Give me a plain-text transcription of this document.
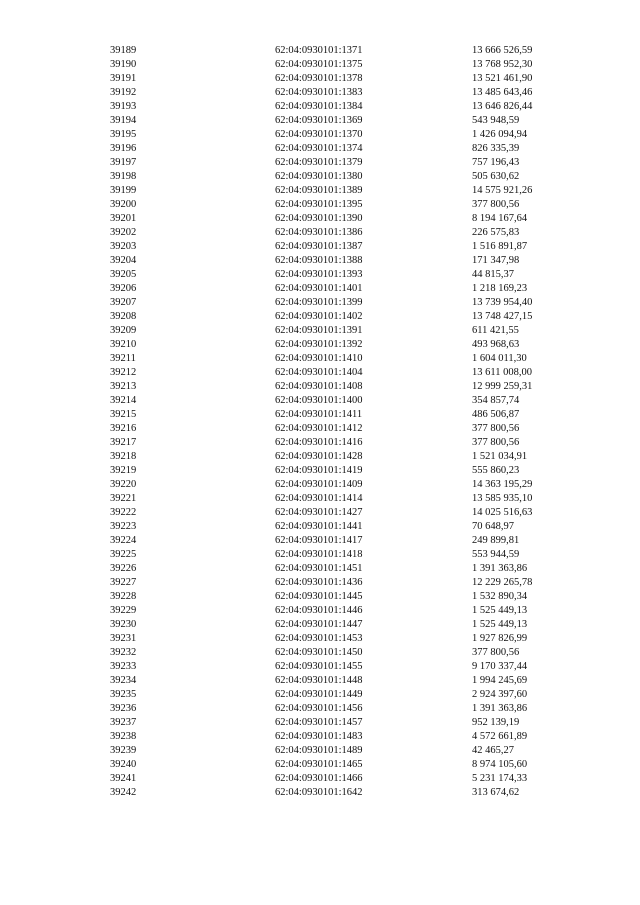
39189	62:04:0930101:1371	13 666 526,59
39190	62:04:0930101:1375	13 768 952,30
39191	62:04:0930101:1378	13 521 461,90
39192	62:04:0930101:1383	13 485 643,46
39193	62:04:0930101:1384	13 646 826,44
39194	62:04:0930101:1369	543 948,59
39195	62:04:0930101:1370	1 426 094,94
39196	62:04:0930101:1374	826 335,39
39197	62:04:0930101:1379	757 196,43
39198	62:04:0930101:1380	505 630,62
39199	62:04:0930101:1389	14 575 921,26
39200	62:04:0930101:1395	377 800,56
39201	62:04:0930101:1390	8 194 167,64
39202	62:04:0930101:1386	226 575,83
39203	62:04:0930101:1387	1 516 891,87
39204	62:04:0930101:1388	171 347,98
39205	62:04:0930101:1393	44 815,37
39206	62:04:0930101:1401	1 218 169,23
39207	62:04:0930101:1399	13 739 954,40
39208	62:04:0930101:1402	13 748 427,15
39209	62:04:0930101:1391	611 421,55
39210	62:04:0930101:1392	493 968,63
39211	62:04:0930101:1410	1 604 011,30
39212	62:04:0930101:1404	13 611 008,00
39213	62:04:0930101:1408	12 999 259,31
39214	62:04:0930101:1400	354 857,74
39215	62:04:0930101:1411	486 506,87
39216	62:04:0930101:1412	377 800,56
39217	62:04:0930101:1416	377 800,56
39218	62:04:0930101:1428	1 521 034,91
39219	62:04:0930101:1419	555 860,23
39220	62:04:0930101:1409	14 363 195,29
39221	62:04:0930101:1414	13 585 935,10
39222	62:04:0930101:1427	14 025 516,63
39223	62:04:0930101:1441	70 648,97
39224	62:04:0930101:1417	249 899,81
39225	62:04:0930101:1418	553 944,59
39226	62:04:0930101:1451	1 391 363,86
39227	62:04:0930101:1436	12 229 265,78
39228	62:04:0930101:1445	1 532 890,34
39229	62:04:0930101:1446	1 525 449,13
39230	62:04:0930101:1447	1 525 449,13
39231	62:04:0930101:1453	1 927 826,99
39232	62:04:0930101:1450	377 800,56
39233	62:04:0930101:1455	9 170 337,44
39234	62:04:0930101:1448	1 994 245,69
39235	62:04:0930101:1449	2 924 397,60
39236	62:04:0930101:1456	1 391 363,86
39237	62:04:0930101:1457	952 139,19
39238	62:04:0930101:1483	4 572 661,89
39239	62:04:0930101:1489	42 465,27
39240	62:04:0930101:1465	8 974 105,60
39241	62:04:0930101:1466	5 231 174,33
39242	62:04:0930101:1642	313 674,62
